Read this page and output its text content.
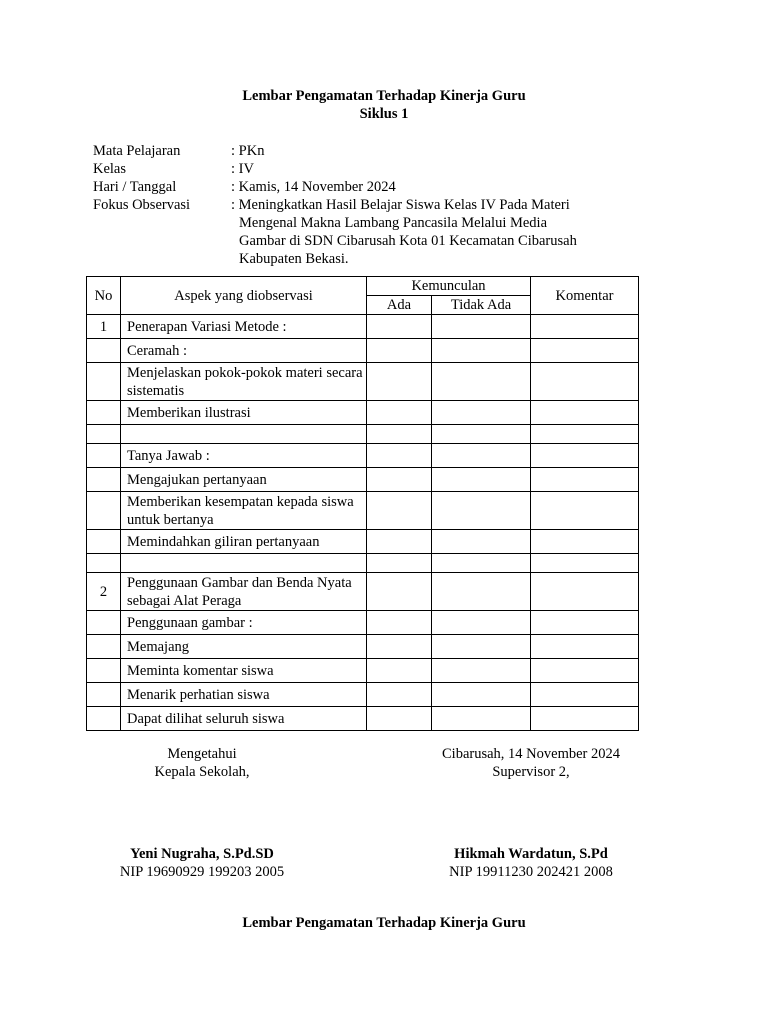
Lembar Pengamatan Terhadap Kinerja Guru
Siklus 1
Mata Pelajaran	: PKn
Kelas	: IV
Hari / Tanggal	: Kamis, 14 November 2024
Fokus Observasi	: Meningkatkan Hasil Belajar Siswa Kelas IV Pada Materi
Mengenal Makna Lambang Pancasila Melalui Media
Gambar di SDN Cibarusah Kota 01 Kecamatan Cibarusah
Kabupaten Bekasi.
No	Aspek yang diobservasi	Kemunculan		Komentar
		Ada	Tidak Ada	
1	Penerapan Variasi Metode :			
	Ceramah :			
	Menjelaskan pokok-pokok materi secara sistematis			
	Memberikan ilustrasi			

	Tanya Jawab :			
	Mengajukan pertanyaan			
	Memberikan kesempatan kepada siswa untuk bertanya			
	Memindahkan giliran pertanyaan			

2	Penggunaan Gambar dan Benda Nyata sebagai Alat Peraga			
	Penggunaan gambar :			
	Memajang			
	Meminta komentar siswa			
	Menarik perhatian siswa			
	Dapat dilihat seluruh siswa			
Mengetahui
Kepala Sekolah,
Yeni Nugraha, S.Pd.SD
NIP 19690929 199203 2005
Cibarusah, 14 November 2024
Supervisor 2,
Hikmah Wardatun, S.Pd
NIP 19911230 202421 2008
Lembar Pengamatan Terhadap Kinerja Guru
